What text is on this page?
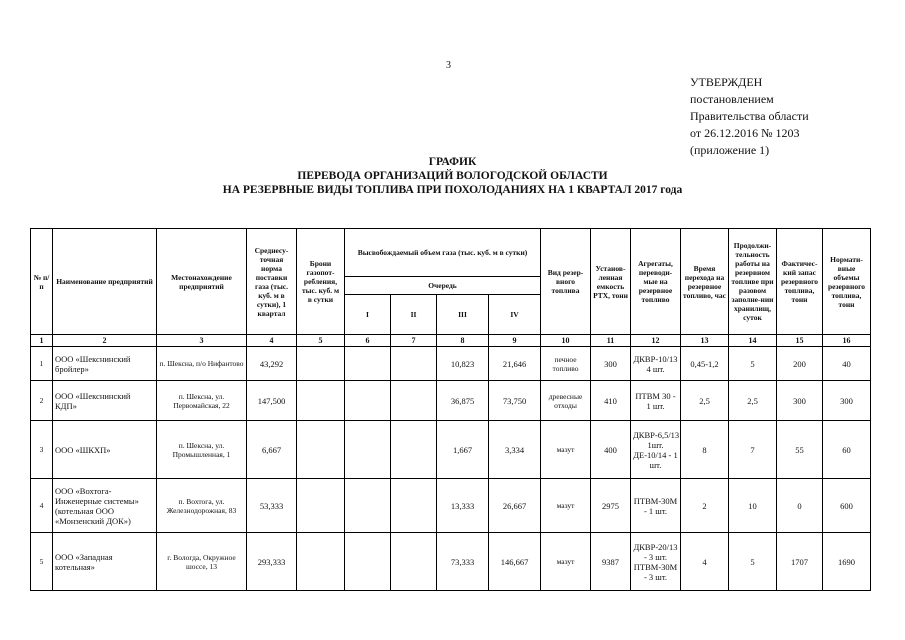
3
УТВЕРЖДЕН
постановлением
Правительства области
от 26.12.2016 № 1203
(приложение 1)
ГРАФИК
ПЕРЕВОДА ОРГАНИЗАЦИЙ ВОЛОГОДСКОЙ ОБЛАСТИ
НА РЕЗЕРВНЫЕ ВИДЫ ТОПЛИВА ПРИ ПОХОЛОДАНИЯХ НА 1 КВАРТАЛ 2017 года
№ п/п	Наименование предприятий	Местонахождение предприятий	Среднесу-точная норма поставки газа (тыс. куб. м в сутки), 1 квартал	Брони газопот-ребления, тыс. куб. м в сутки	Высвобождаемый объем газа (тыс. куб. м в сутки)				Вид резер-вного топлива	Установ-ленная емкость РТХ, тонн	Агрегаты, переводи-мые на резервное топливо	Время перехода на резервное топливо, час	Продолжи-тельность работы на резервном топливе при разовом заполне-нии хранилищ, суток	Фактичес-кий запас резервного топлива, тонн	Нормати-вные объемы резервного топлива, тонн
					Очередь										
					I	II	III	IV							
1	2	3	4	5	6	7	8	9	10	11	12	13	14	15	16
1	ООО «Шекснинский бройлер»	п. Шексна, п/о Нифантово	43,292				10,823	21,646	печное топливо	300	ДКВР-10/13 4 шт.	0,45-1,2	5	200	40
2	ООО «Шекснинский КДП»	п. Шексна, ул. Первомайская, 22	147,500				36,875	73,750	древесные отходы	410	ПТВМ 30 - 1 шт.	2,5	2,5	300	300
3	ООО «ШКХП»	п. Шексна, ул. Промышленная, 1	6,667				1,667	3,334	мазут	400	ДКВР-6,5/13 1шт. ДЕ-10/14 - 1 шт.	8	7	55	60
4	ООО «Вохтога-Инженерные системы» (котельная ООО «Монзенский ДОК»)	п. Вохтога, ул. Железнодорожная, 83	53,333				13,333	26,667	мазут	2975	ПТВМ-30М - 1 шт.	2	10	0	600
5	ООО «Западная котельная»	г. Вологда, Окружное шоссе, 13	293,333				73,333	146,667	мазут	9387	ДКВР-20/13 - 3 шт. ПТВМ-30М - 3 шт.	4	5	1707	1690
